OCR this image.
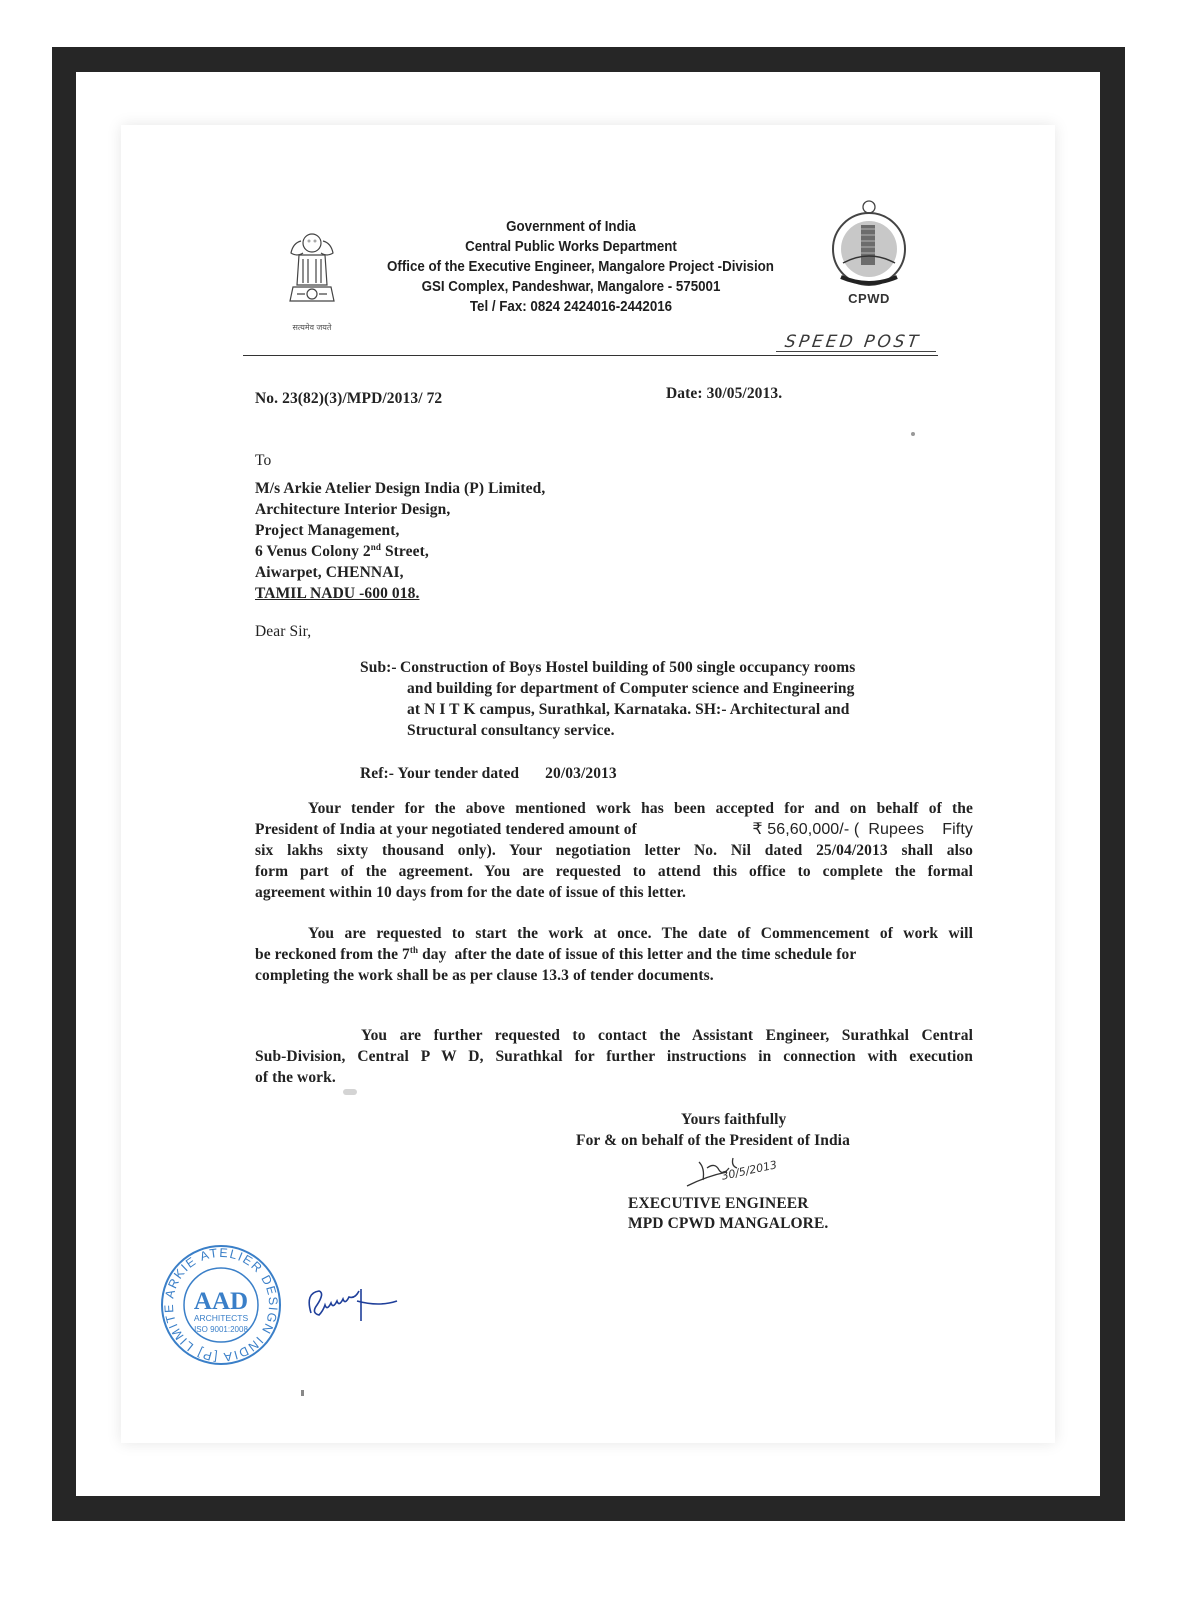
सत्यमेव जयते
Government of India
Central Public Works Department
Office of the Executive Engineer, Mangalore Project -Division
GSI Complex, Pandeshwar, Mangalore - 575001
Tel / Fax: 0824 2424016-2442016
CPWD
SPEED POST
No. 23(82)(3)/MPD/2013/ 72	Date: 30/05/2013.
To
M/s Arkie Atelier Design India (P) Limited,
Architecture Interior Design,
Project Management,
6 Venus Colony 2nd Street,
Aiwarpet, CHENNAI,
TAMIL NADU -600 018.
Dear Sir,
Sub:- Construction of Boys Hostel building of 500 single occupancy rooms
and building for department of Computer science and Engineering
at N I T K campus, Surathkal, Karnataka. SH:- Architectural and
Structural consultancy service.
Ref:- Your tender dated 20/03/2013
Your tender for the above mentioned work has been accepted for and on behalf of the
President of India at your negotiated tendered amount of	₹ 56,60,000/- (  Rupees    Fifty
six lakhs sixty thousand only). Your negotiation letter No. Nil dated 25/04/2013 shall also
form part of the agreement. You are requested to attend this office to complete the formal
agreement within 10 days from for the date of issue of this letter.
You are requested to start the work at once. The date of Commencement of work will
be reckoned from the 7th day  after the date of issue of this letter and the time schedule for
completing the work shall be as per clause 13.3 of tender documents.
You are further requested to contact the Assistant Engineer, Surathkal Central
Sub-Division, Central P W D, Surathkal for further instructions in connection with execution
of the work.
Yours faithfully
For & on behalf of the President of India
30/5/2013
EXECUTIVE ENGINEER
MPD CPWD MANGALORE.
ARKIE ATELIER DESIGN INDIA [P] LIMITE AAD
ARCHITECTS
ISO 9001:2008
